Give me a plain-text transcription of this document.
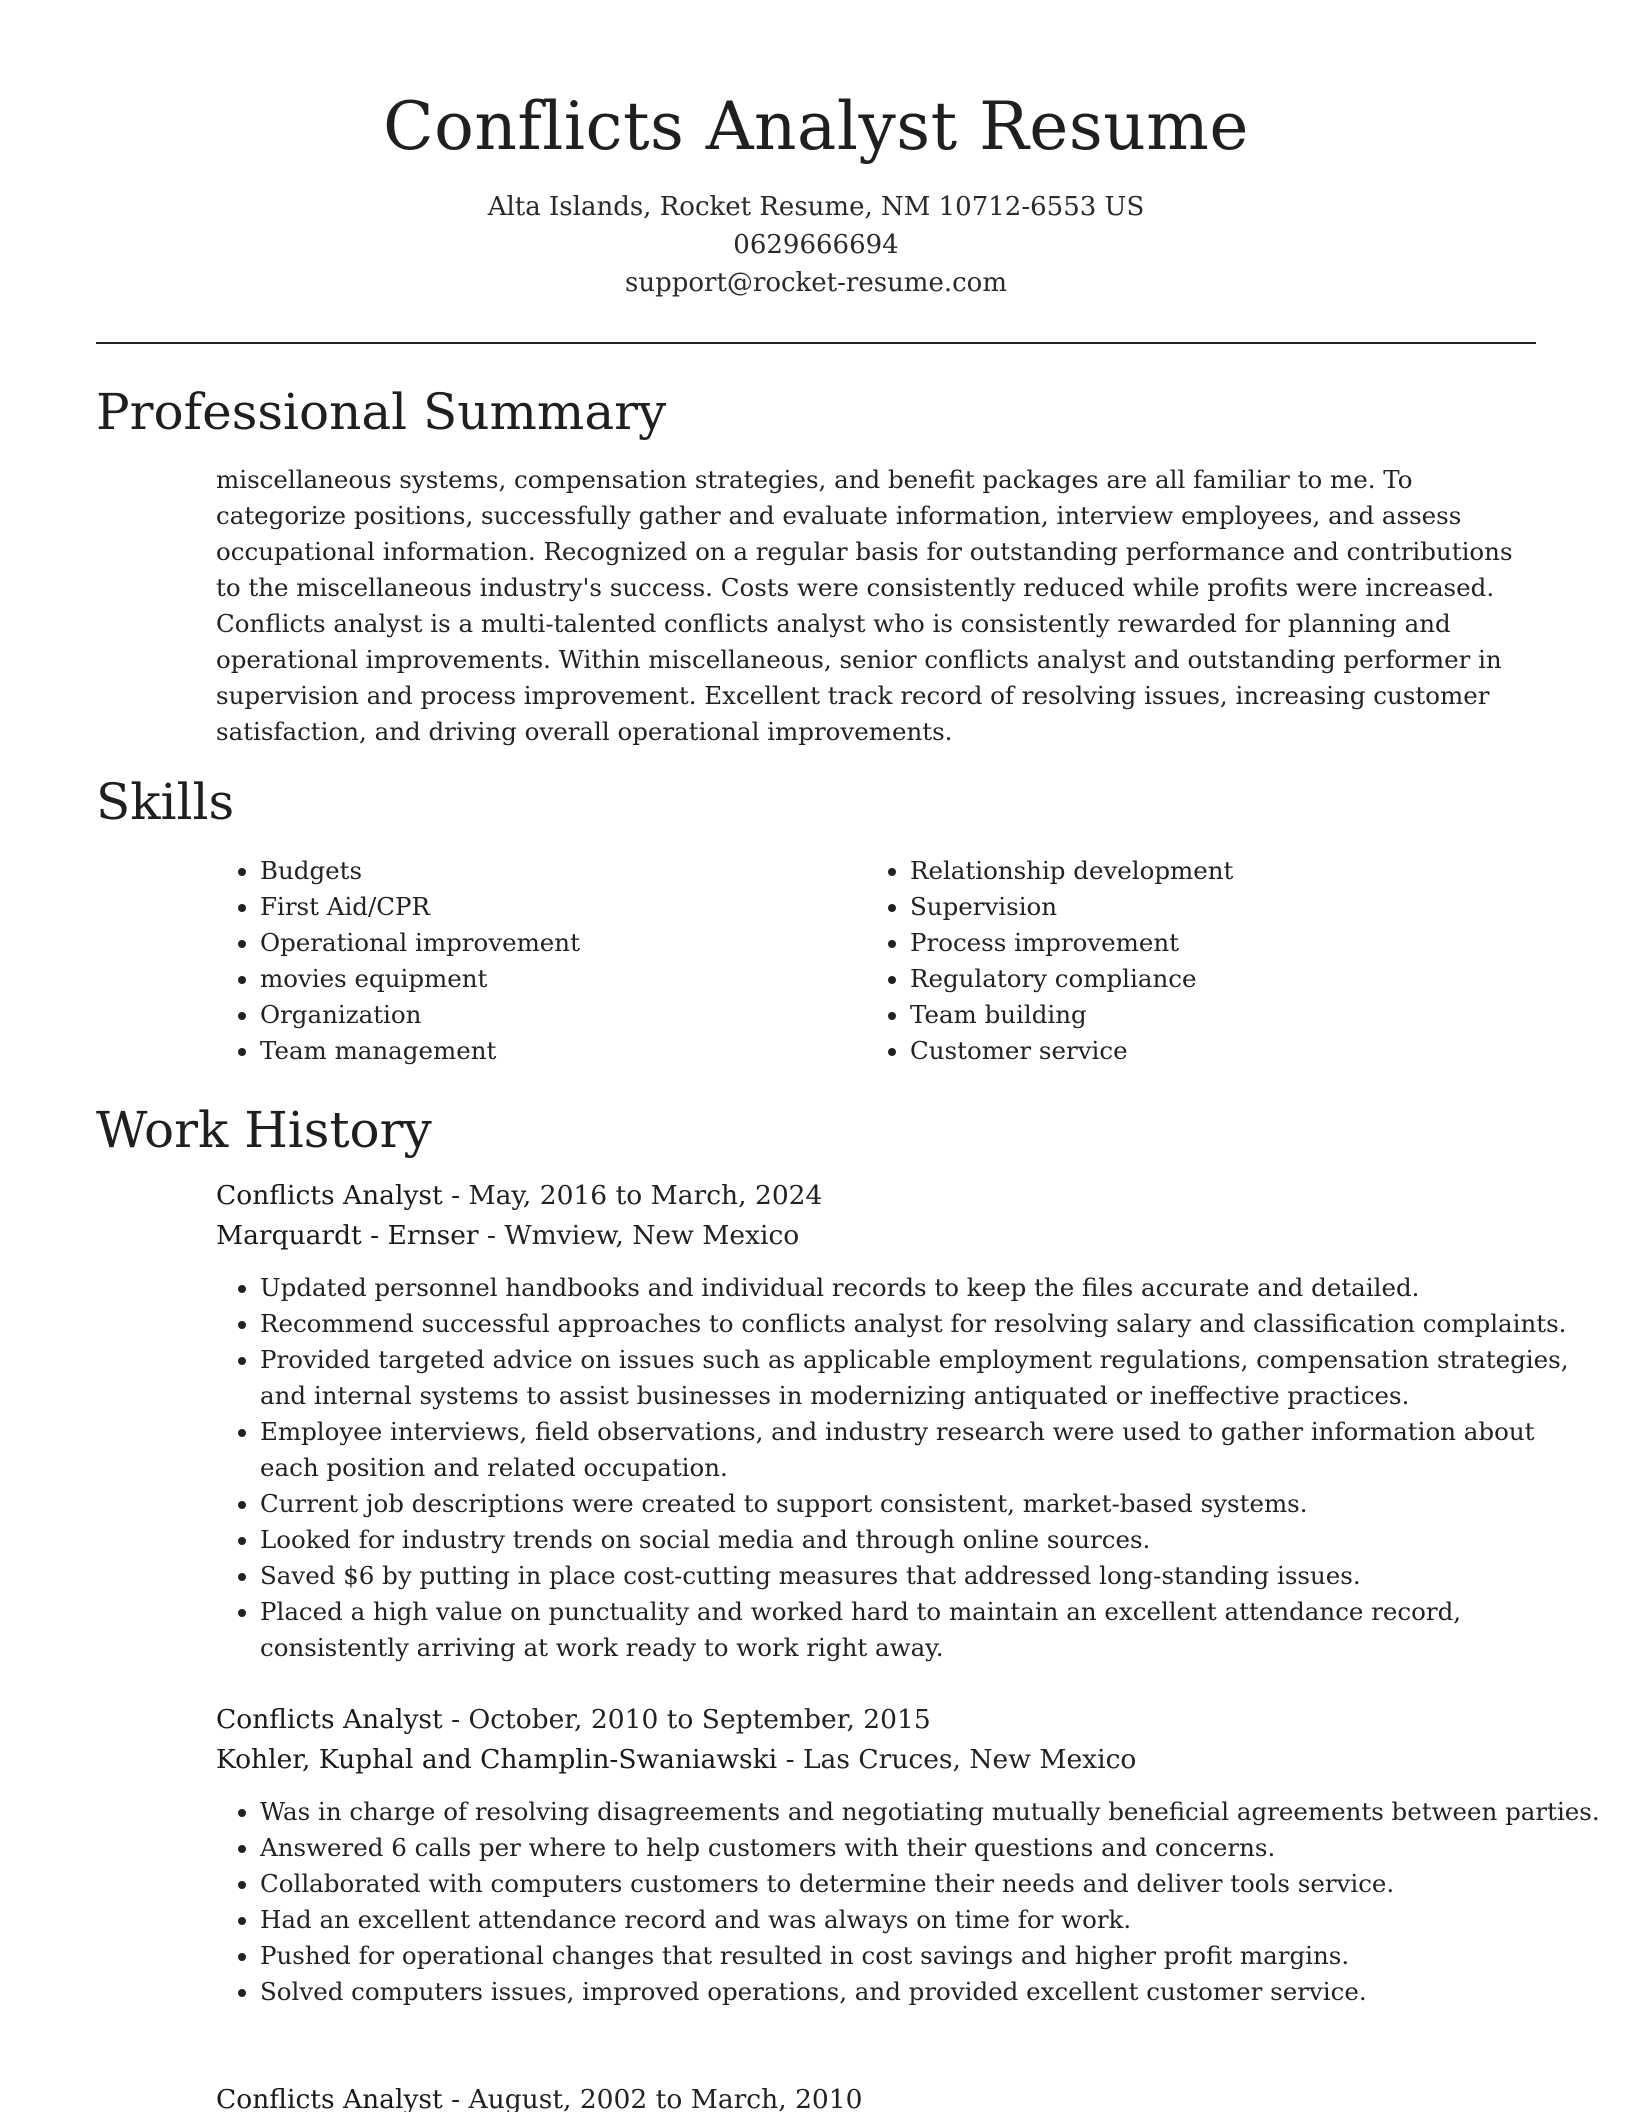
Conflicts Analyst Resume

Alta Islands, Rocket Resume, NM 10712-6553 US

0629666694

support@rocket-resume.com

Professional Summary

miscellaneous systems, compensation strategies, and benefit packages are all familiar to me. To categorize positions, successfully gather and evaluate information, interview employees, and assess occupational information. Recognized on a regular basis for outstanding performance and contributions to the miscellaneous industry's success. Costs were consistently reduced while profits were increased. Conflicts analyst is a multi-talented conflicts analyst who is consistently rewarded for planning and operational improvements. Within miscellaneous, senior conflicts analyst and outstanding performer in supervision and process improvement. Excellent track record of resolving issues, increasing customer satisfaction, and driving overall operational improvements.

Skills
• Budgets
• First Aid/CPR
• Operational improvement
• movies equipment
• Organization
• Team management
• Relationship development
• Supervision
• Process improvement
• Regulatory compliance
• Team building
• Customer service
Work History

Conflicts Analyst - May, 2016 to March, 2024

Marquardt - Ernser - Wmview, New Mexico

• Updated personnel handbooks and individual records to keep the files accurate and detailed.
• Recommend successful approaches to conflicts analyst for resolving salary and classification complaints.
• Provided targeted advice on issues such as applicable employment regulations, compensation strategies, and internal systems to assist businesses in modernizing antiquated or ineffective practices.
• Employee interviews, field observations, and industry research were used to gather information about each position and related occupation.
• Current job descriptions were created to support consistent, market-based systems.
• Looked for industry trends on social media and through online sources.
• Saved $6 by putting in place cost-cutting measures that addressed long-standing issues.
• Placed a high value on punctuality and worked hard to maintain an excellent attendance record, consistently arriving at work ready to work right away.

Conflicts Analyst - October, 2010 to September, 2015

Kohler, Kuphal and Champlin-Swaniawski - Las Cruces, New Mexico

• Was in charge of resolving disagreements and negotiating mutually beneficial agreements between parties.
• Answered 6 calls per where to help customers with their questions and concerns.
• Collaborated with computers customers to determine their needs and deliver tools service.
• Had an excellent attendance record and was always on time for work.
• Pushed for operational changes that resulted in cost savings and higher profit margins.
• Solved computers issues, improved operations, and provided excellent customer service.

Conflicts Analyst - August, 2002 to March, 2010
